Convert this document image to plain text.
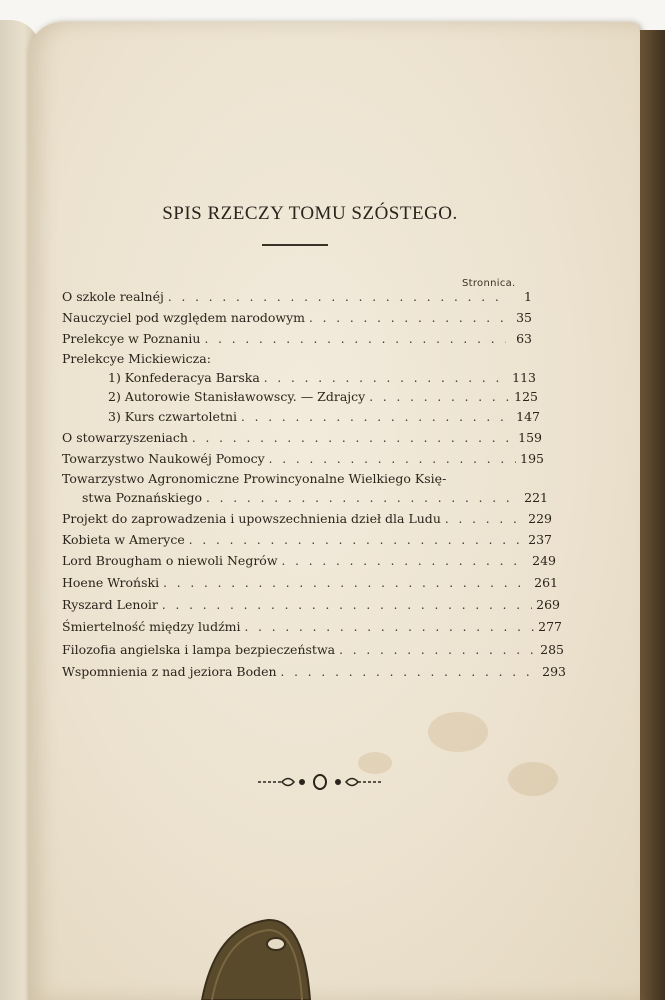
SPIS RZECZY TOMU SZÓSTEGO.
Stronnica.
O szkole realnéj . . .	1
Nauczyciel pod względem narodowym . . .	35
Prelekcye w Poznaniu . . .	63
Prelekcye Mickiewicza:
1) Konfederacya Barska . . .	113
2) Autorowie Stanisławowscy. — Zdrajcy . . .	125
3) Kurs czwartoletni . . .	147
O stowarzyszeniach . . .	159
Towarzystwo Naukowéj Pomocy . . .	195
Towarzystwo Agronomiczne Prowincyonalne Wielkiego Księ-
stwa Poznańskiego . . .	221
Projekt do zaprowadzenia i upowszechnienia dzieł dla Ludu . . .	229
Kobieta w Ameryce . . .	237
Lord Brougham o niewoli Negrów . . .	249
Hoene Wroński . . .	261
Ryszard Lenoir . . .	269
Śmiertelność między ludźmi . . .	277
Filozofia angielska i lampa bezpieczeństwa . . .	285
Wspomnienia z nad jeziora Boden . . .	293
